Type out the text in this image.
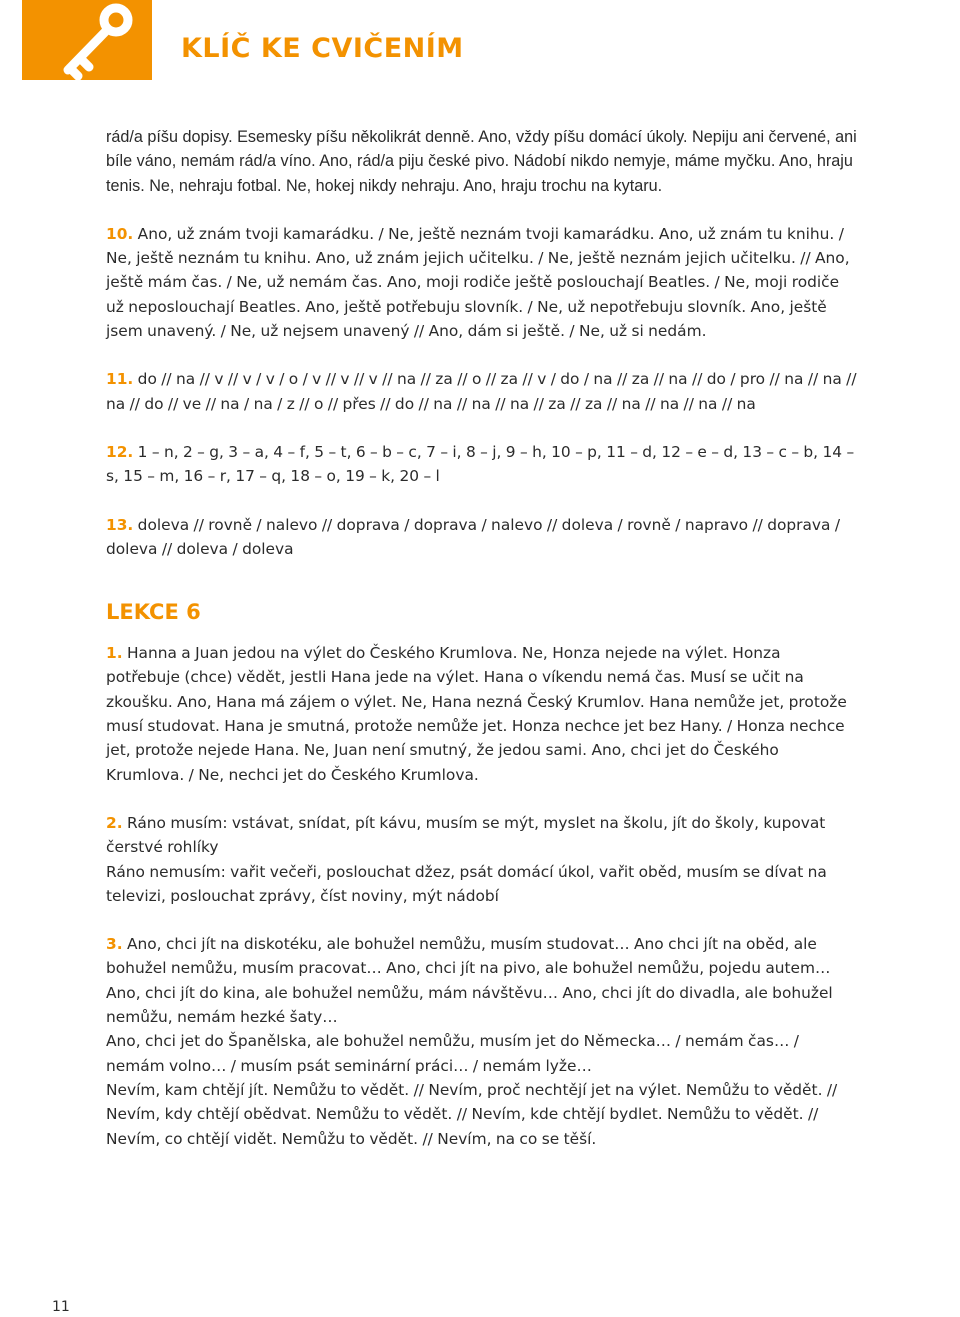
KLÍČ KE CVIČENÍM

rád/a píšu dopisy. Esemesky píšu několikrát denně. Ano, vždy píšu domácí úkoly. Nepiju ani červené, ani bíle váno, nemám rád/a víno. Ano, rád/a piju české pivo. Nádobí nikdo nemyje, máme myčku. Ano, hraju tenis. Ne, nehraju fotbal. Ne, hokej nikdy nehraju. Ano, hraju trochu na kytaru.

10. Ano, už znám tvoji kamarádku. / Ne, ještě neznám tvoji kamarádku. Ano, už znám tu knihu. / Ne, ještě neznám tu knihu. Ano, už znám jejich učitelku. / Ne, ještě neznám jejich učitelku. // Ano, ještě mám čas. / Ne, už nemám čas. Ano, moji rodiče ještě poslouchají Beatles. / Ne, moji rodiče už neposlouchají Beatles. Ano, ještě potřebuju slovník. / Ne, už nepotřebuju slovník. Ano, ještě jsem unavený. / Ne, už nejsem unavený // Ano, dám si ještě. / Ne, už si nedám.

11. do // na // v // v / v / o / v // v // v // na // za // o // za // v / do / na // za // na // do / pro // na // na // na // do // ve // na / na / z // o // přes // do // na // na // na // za // za // na // na // na // na

12. 1 – n, 2 – g, 3 – a, 4 – f, 5 – t, 6 – b – c, 7 – i, 8 – j, 9 – h, 10 – p, 11 – d, 12 – e – d, 13 – c – b, 14 – s, 15 – m, 16 – r, 17 – q, 18 – o, 19 – k, 20 – l

13. doleva // rovně / nalevo // doprava / doprava / nalevo // doleva / rovně / napravo // doprava / doleva // doleva / doleva

LEKCE 6

1. Hanna a Juan jedou na výlet do Českého Krumlova. Ne, Honza nejede na výlet. Honza potřebuje (chce) vědět, jestli Hana jede na výlet. Hana o víkendu nemá čas. Musí se učit na zkoušku. Ano, Hana má zájem o výlet. Ne, Hana nezná Český Krumlov. Hana nemůže jet, protože musí studovat. Hana je smutná, protože nemůže jet. Honza nechce jet bez Hany. / Honza nechce jet, protože nejede Hana. Ne, Juan není smutný, že jedou sami. Ano, chci jet do Českého Krumlova. / Ne, nechci jet do Českého Krumlova.

2. Ráno musím: vstávat, snídat, pít kávu, musím se mýt, myslet na školu, jít do školy, kupovat čerstvé rohlíky

Ráno nemusím: vařit večeři, poslouchat džez, psát domácí úkol, vařit oběd, musím se dívat na televizi, poslouchat zprávy, číst noviny, mýt nádobí

3. Ano, chci jít na diskotéku, ale bohužel nemůžu, musím studovat… Ano chci jít na oběd, ale bohužel nemůžu, musím pracovat… Ano, chci jít na pivo, ale bohužel nemůžu, pojedu autem… Ano, chci jít do kina, ale bohužel nemůžu, mám návštěvu… Ano, chci jít do divadla, ale bohužel nemůžu, nemám hezké šaty…

Ano, chci jet do Španělska, ale bohužel nemůžu, musím jet do Německa… / nemám čas… / nemám volno… / musím psát seminární práci… / nemám lyže…

Nevím, kam chtějí jít. Nemůžu to vědět. // Nevím, proč nechtějí jet na výlet. Nemůžu to vědět. // Nevím, kdy chtějí obědvat. Nemůžu to vědět. // Nevím, kde chtějí bydlet. Nemůžu to vědět. // Nevím, co chtějí vidět. Nemůžu to vědět. // Nevím, na co se těší.

11
